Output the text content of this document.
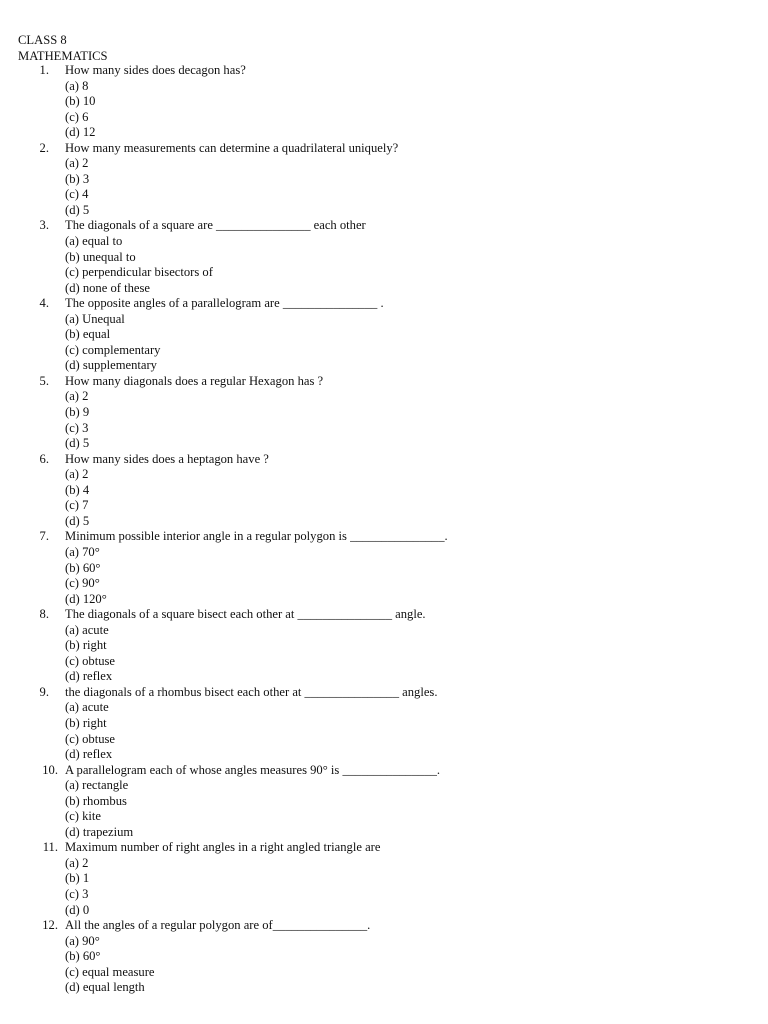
CLASS 8
MATHEMATICS
1. How many sides does decagon has?
(a) 8
(b) 10
(c) 6
(d) 12
2. How many measurements can determine a quadrilateral uniquely?
(a) 2
(b) 3
(c) 4
(d) 5
3. The diagonals of a square are _______________ each other
(a) equal to
(b) unequal to
(c) perpendicular bisectors of
(d) none of these
4. The opposite angles of a parallelogram are _______________ .
(a) Unequal
(b) equal
(c) complementary
(d) supplementary
5. How many diagonals does a regular Hexagon has ?
(a) 2
(b) 9
(c) 3
(d) 5
6. How many sides does a heptagon have ?
(a) 2
(b) 4
(c) 7
(d) 5
7. Minimum possible interior angle in a regular polygon is _______________.
(a) 70°
(b) 60°
(c) 90°
(d) 120°
8. The diagonals of a square bisect each other at _______________ angle.
(a) acute
(b) right
(c) obtuse
(d) reflex
9. the diagonals of a rhombus bisect each other at _______________ angles.
(a) acute
(b) right
(c) obtuse
(d) reflex
10. A parallelogram each of whose angles measures 90° is _______________.
(a) rectangle
(b) rhombus
(c) kite
(d) trapezium
11. Maximum number of right angles in a right angled triangle are
(a) 2
(b) 1
(c) 3
(d) 0
12. All the angles of a regular polygon are of_______________.
(a) 90°
(b) 60°
(c) equal measure
(d) equal length
